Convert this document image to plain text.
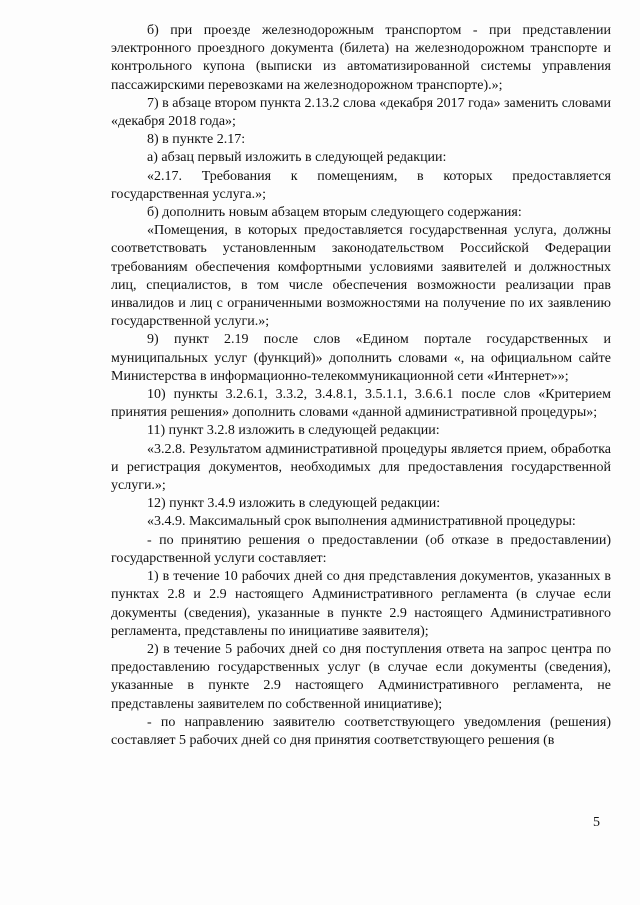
б) при проезде железнодорожным транспортом - при представлении электронного проездного документа (билета) на железнодорожном транспорте и контрольного купона (выписки из автоматизированной системы управления пассажирскими перевозками на железнодорожном транспорте).»;

7) в абзаце втором пункта 2.13.2 слова «декабря 2017 года» заменить словами «декабря 2018 года»;

8) в пункте 2.17:

а) абзац первый изложить в следующей редакции:

«2.17. Требования к помещениям, в которых предоставляется государственная услуга.»;

б) дополнить новым абзацем вторым следующего содержания:

«Помещения, в которых предоставляется государственная услуга, должны соответствовать установленным законодательством Российской Федерации требованиям обеспечения комфортными условиями заявителей и должностных лиц, специалистов, в том числе обеспечения возможности реализации прав инвалидов и лиц с ограниченными возможностями на получение по их заявлению государственной услуги.»;

9) пункт 2.19 после слов «Едином портале государственных и муниципальных услуг (функций)» дополнить словами «, на официальном сайте Министерства в информационно-телекоммуникационной сети «Интернет»»;

10) пункты 3.2.6.1, 3.3.2, 3.4.8.1, 3.5.1.1, 3.6.6.1 после слов «Критерием принятия решения» дополнить словами «данной административной процедуры»;

11) пункт 3.2.8 изложить в следующей редакции:

«3.2.8. Результатом административной процедуры является прием, обработка и регистрация документов, необходимых для предоставления государственной услуги.»;

12) пункт 3.4.9 изложить в следующей редакции:

«3.4.9. Максимальный срок выполнения административной процедуры:

- по принятию решения о предоставлении (об отказе в предоставлении) государственной услуги составляет:

1) в течение 10 рабочих дней со дня представления документов, указанных в пунктах 2.8 и 2.9 настоящего Административного регламента (в случае если документы (сведения), указанные в пункте 2.9 настоящего Административного регламента, представлены по инициативе заявителя);

2) в течение 5 рабочих дней со дня поступления ответа на запрос центра по предоставлению государственных услуг (в случае если документы (сведения), указанные в пункте 2.9 настоящего Административного регламента, не представлены заявителем по собственной инициативе);

- по направлению заявителю соответствующего уведомления (решения) составляет 5 рабочих дней со дня принятия соответствующего решения (в

5
